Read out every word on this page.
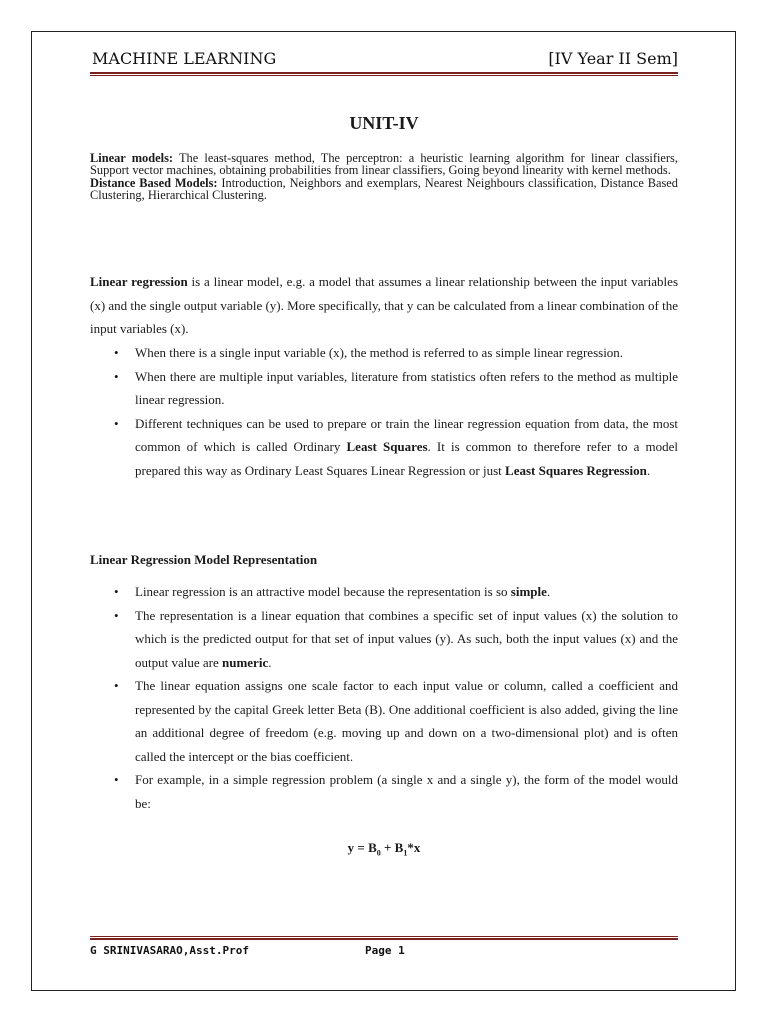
MACHINE LEARNING	[IV Year II Sem]
UNIT-IV

Linear models: The least-squares method, The perceptron: a heuristic learning algorithm for linear classifiers, Support vector machines, obtaining probabilities from linear classifiers, Going beyond linearity with kernel methods.

Distance Based Models: Introduction, Neighbors and exemplars, Nearest Neighbours classification, Distance Based Clustering, Hierarchical Clustering.

Linear regression is a linear model, e.g. a model that assumes a linear relationship between the input variables (x) and the single output variable (y). More specifically, that y can be calculated from a linear combination of the input variables (x).

• When there is a single input variable (x), the method is referred to as simple linear regression.
• When there are multiple input variables, literature from statistics often refers to the method as multiple linear regression.
• Different techniques can be used to prepare or train the linear regression equation from data, the most common of which is called Ordinary Least Squares. It is common to therefore refer to a model prepared this way as Ordinary Least Squares Linear Regression or just Least Squares Regression.
Linear Regression Model Representation
• Linear regression is an attractive model because the representation is so simple.
• The representation is a linear equation that combines a specific set of input values (x) the solution to which is the predicted output for that set of input values (y). As such, both the input values (x) and the output value are numeric.
• The linear equation assigns one scale factor to each input value or column, called a coefficient and represented by the capital Greek letter Beta (B). One additional coefficient is also added, giving the line an additional degree of freedom (e.g. moving up and down on a two-dimensional plot) and is often called the intercept or the bias coefficient.
• For example, in a simple regression problem (a single x and a single y), the form of the model would be:
$y = B_0 + B_1*x$
G SRINIVASARAO,Asst.Prof	Page 1
